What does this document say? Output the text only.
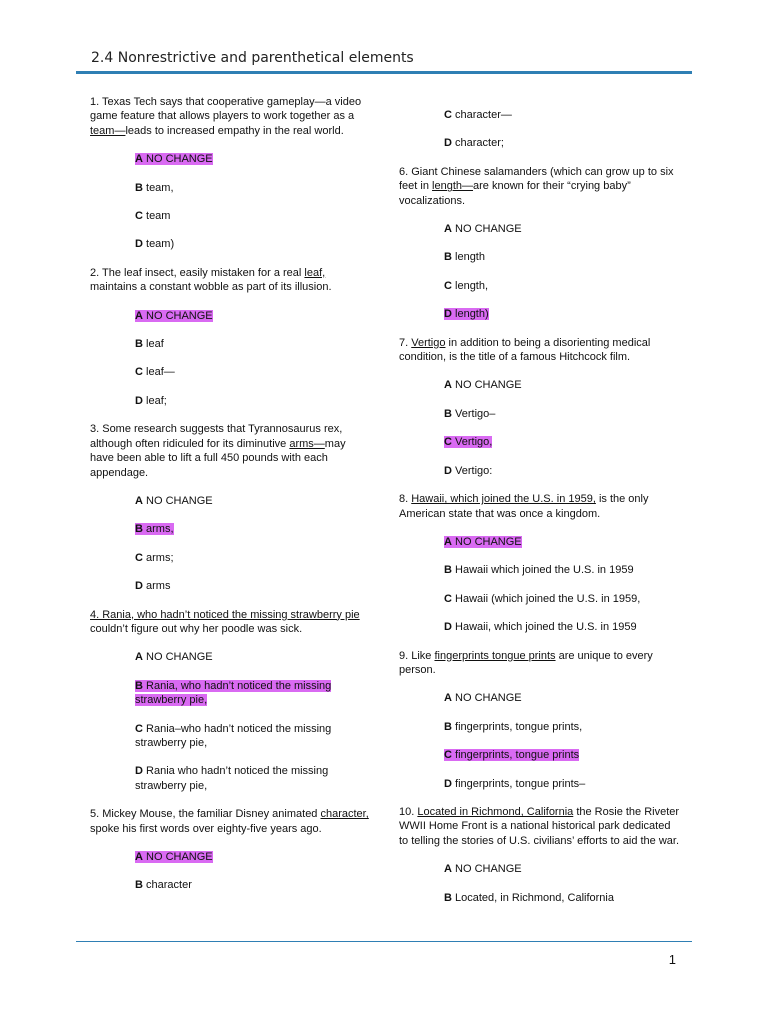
2.4 Nonrestrictive and parenthetical elements
1. Texas Tech says that cooperative gameplay—a video game feature that allows players to work together as a team—leads to increased empathy in the real world.
A NO CHANGE
B team,
C team
D team)
2. The leaf insect, easily mistaken for a real leaf, maintains a constant wobble as part of its illusion.
A NO CHANGE
B leaf
C leaf—
D leaf;
3. Some research suggests that Tyrannosaurus rex, although often ridiculed for its diminutive arms—may have been able to lift a full 450 pounds with each appendage.
A NO CHANGE
B arms,
C arms;
D arms
4. Rania, who hadn’t noticed the missing strawberry pie couldn’t figure out why her poodle was sick.
A NO CHANGE
B Rania, who hadn’t noticed the missing strawberry pie,
C Rania–who hadn’t noticed the missing strawberry pie,
D Rania who hadn’t noticed the missing strawberry pie,
5. Mickey Mouse, the familiar Disney animated character, spoke his first words over eighty-five years ago.
A NO CHANGE
B character
C character—
D character;
6. Giant Chinese salamanders (which can grow up to six feet in length—are known for their “crying baby” vocalizations.
A NO CHANGE
B length
C length,
D length)
7. Vertigo in addition to being a disorienting medical condition, is the title of a famous Hitchcock film.
A NO CHANGE
B Vertigo–
C Vertigo,
D Vertigo:
8. Hawaii, which joined the U.S. in 1959, is the only American state that was once a kingdom.
A NO CHANGE
B Hawaii which joined the U.S. in 1959
C Hawaii (which joined the U.S. in 1959,
D Hawaii, which joined the U.S. in 1959
9. Like fingerprints tongue prints are unique to every person.
A NO CHANGE
B fingerprints, tongue prints,
C fingerprints, tongue prints
D fingerprints, tongue prints–
10. Located in Richmond, California the Rosie the Riveter WWII Home Front is a national historical park dedicated to telling the stories of U.S. civilians’ efforts to aid the war.
A NO CHANGE
B Located, in Richmond, California
1
